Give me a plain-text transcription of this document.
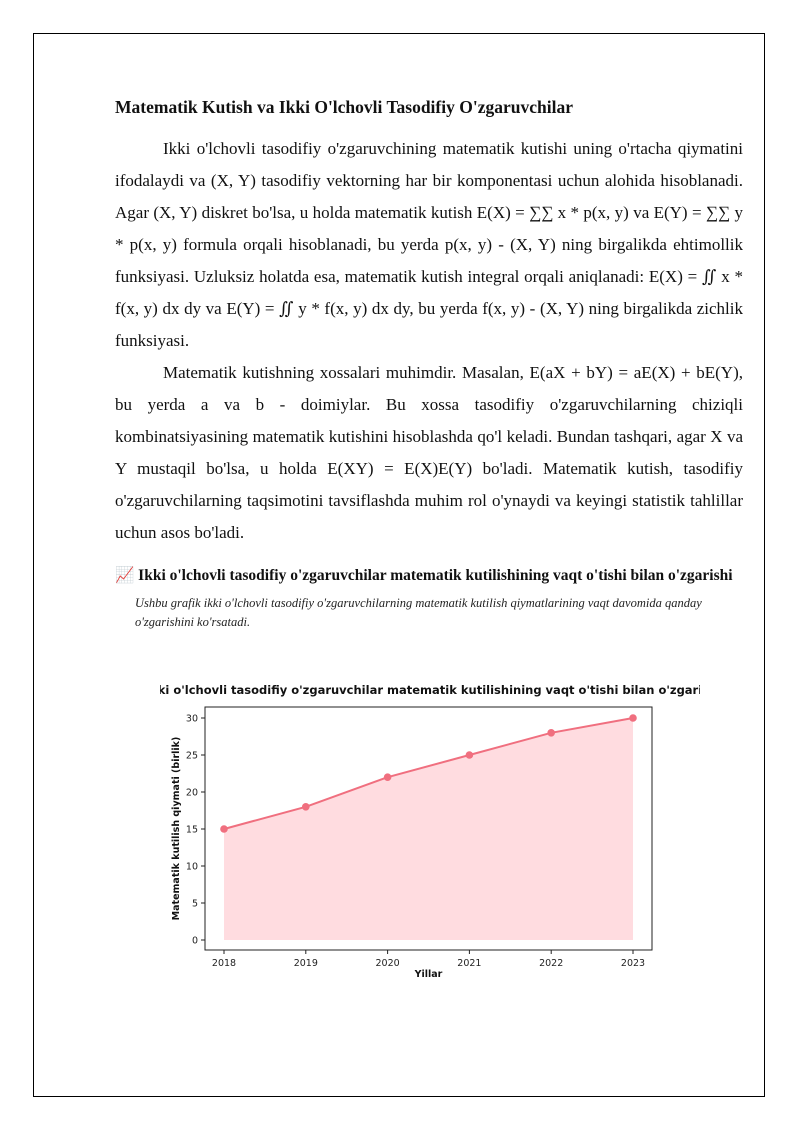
Matematik Kutish va Ikki O'lchovli Tasodifiy O'zgaruvchilar

Ikki o'lchovli tasodifiy o'zgaruvchining matematik kutishi uning o'rtacha qiymatini ifodalaydi va (X, Y) tasodifiy vektorning har bir komponentasi uchun alohida hisoblanadi. Agar (X, Y) diskret bo'lsa, u holda matematik kutish E(X) = ∑∑ x * p(x, y) va E(Y) = ∑∑ y * p(x, y) formula orqali hisoblanadi, bu yerda p(x, y) - (X, Y) ning birgalikda ehtimollik funksiyasi. Uzluksiz holatda esa, matematik kutish integral orqali aniqlanadi: E(X) = ∬ x * f(x, y) dx dy va E(Y) = ∬ y * f(x, y) dx dy, bu yerda f(x, y) - (X, Y) ning birgalikda zichlik funksiyasi.

Matematik kutishning xossalari muhimdir. Masalan, E(aX + bY) = aE(X) + bE(Y), bu yerda a va b - doimiylar. Bu xossa tasodifiy o'zgaruvchilarning chiziqli kombinatsiyasining matematik kutishini hisoblashda qo'l keladi. Bundan tashqari, agar X va Y mustaqil bo'lsa, u holda E(XY) = E(X)E(Y) bo'ladi. Matematik kutish, tasodifiy o'zgaruvchilarning taqsimotini tavsiflashda muhim rol o'ynaydi va keyingi statistik tahlillar uchun asos bo'ladi.

📈 Ikki o'lchovli tasodifiy o'zgaruvchilar matematik kutilishining vaqt o'tishi bilan o'zgarishi
Ushbu grafik ikki o'lchovli tasodifiy o'zgaruvchilarning matematik kutilish qiymatlarining vaqt davomida qanday o'zgarishini ko'rsatadi.
Ikki o'lchovli tasodifiy o'zgaruvchilar matematik kutilishining vaqt o'tishi bilan o'zgarishi
0
5
10
15
20
25
30
2018	2019	2020	2021	2022	2023
Yillar
Matematik kutilish qiymati (birlik)
